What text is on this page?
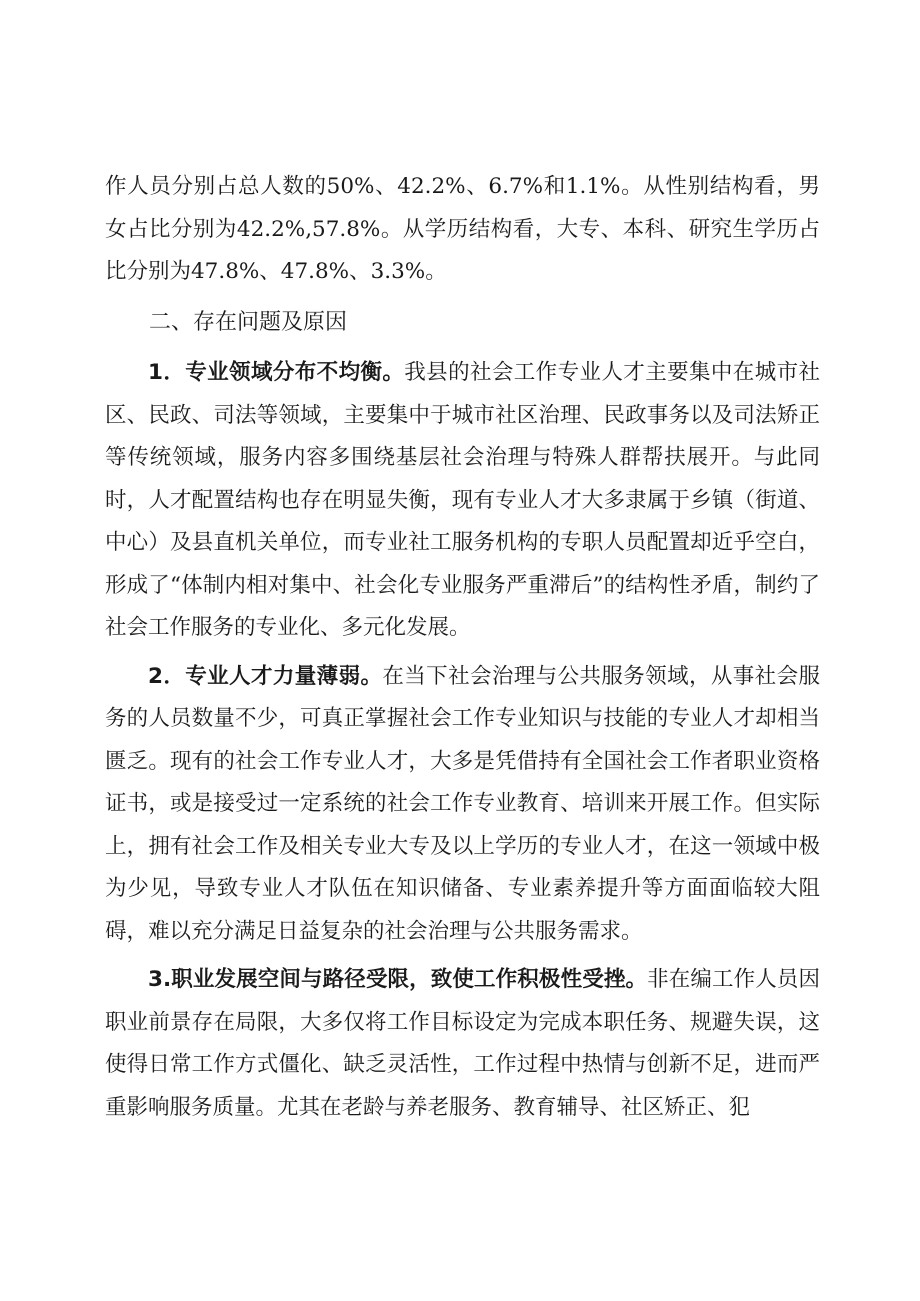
作人员分别占总人数的50%、42.2%、6.7%和1.1%。从性别结构看，男女占比分别为42.2%,57.8%。从学历结构看，大专、本科、研究生学历占比分别为47.8%、47.8%、3.3%。

二、存在问题及原因

1．专业领域分布不均衡。我县的社会工作专业人才主要集中在城市社区、民政、司法等领域，主要集中于城市社区治理、民政事务以及司法矫正等传统领域，服务内容多围绕基层社会治理与特殊人群帮扶展开。与此同时，人才配置结构也存在明显失衡，现有专业人才大多隶属于乡镇（街道、中心）及县直机关单位，而专业社工服务机构的专职人员配置却近乎空白，形成了“体制内相对集中、社会化专业服务严重滞后”的结构性矛盾，制约了社会工作服务的专业化、多元化发展。

2．专业人才力量薄弱。在当下社会治理与公共服务领域，从事社会服务的人员数量不少，可真正掌握社会工作专业知识与技能的专业人才却相当匮乏。现有的社会工作专业人才，大多是凭借持有全国社会工作者职业资格证书，或是接受过一定系统的社会工作专业教育、培训来开展工作。但实际上，拥有社会工作及相关专业大专及以上学历的专业人才，在这一领域中极为少见，导致专业人才队伍在知识储备、专业素养提升等方面面临较大阻碍，难以充分满足日益复杂的社会治理与公共服务需求。

3.职业发展空间与路径受限，致使工作积极性受挫。非在编工作人员因职业前景存在局限，大多仅将工作目标设定为完成本职任务、规避失误，这使得日常工作方式僵化、缺乏灵活性，工作过程中热情与创新不足，进而严重影响服务质量。尤其在老龄与养老服务、教育辅导、社区矫正、犯
